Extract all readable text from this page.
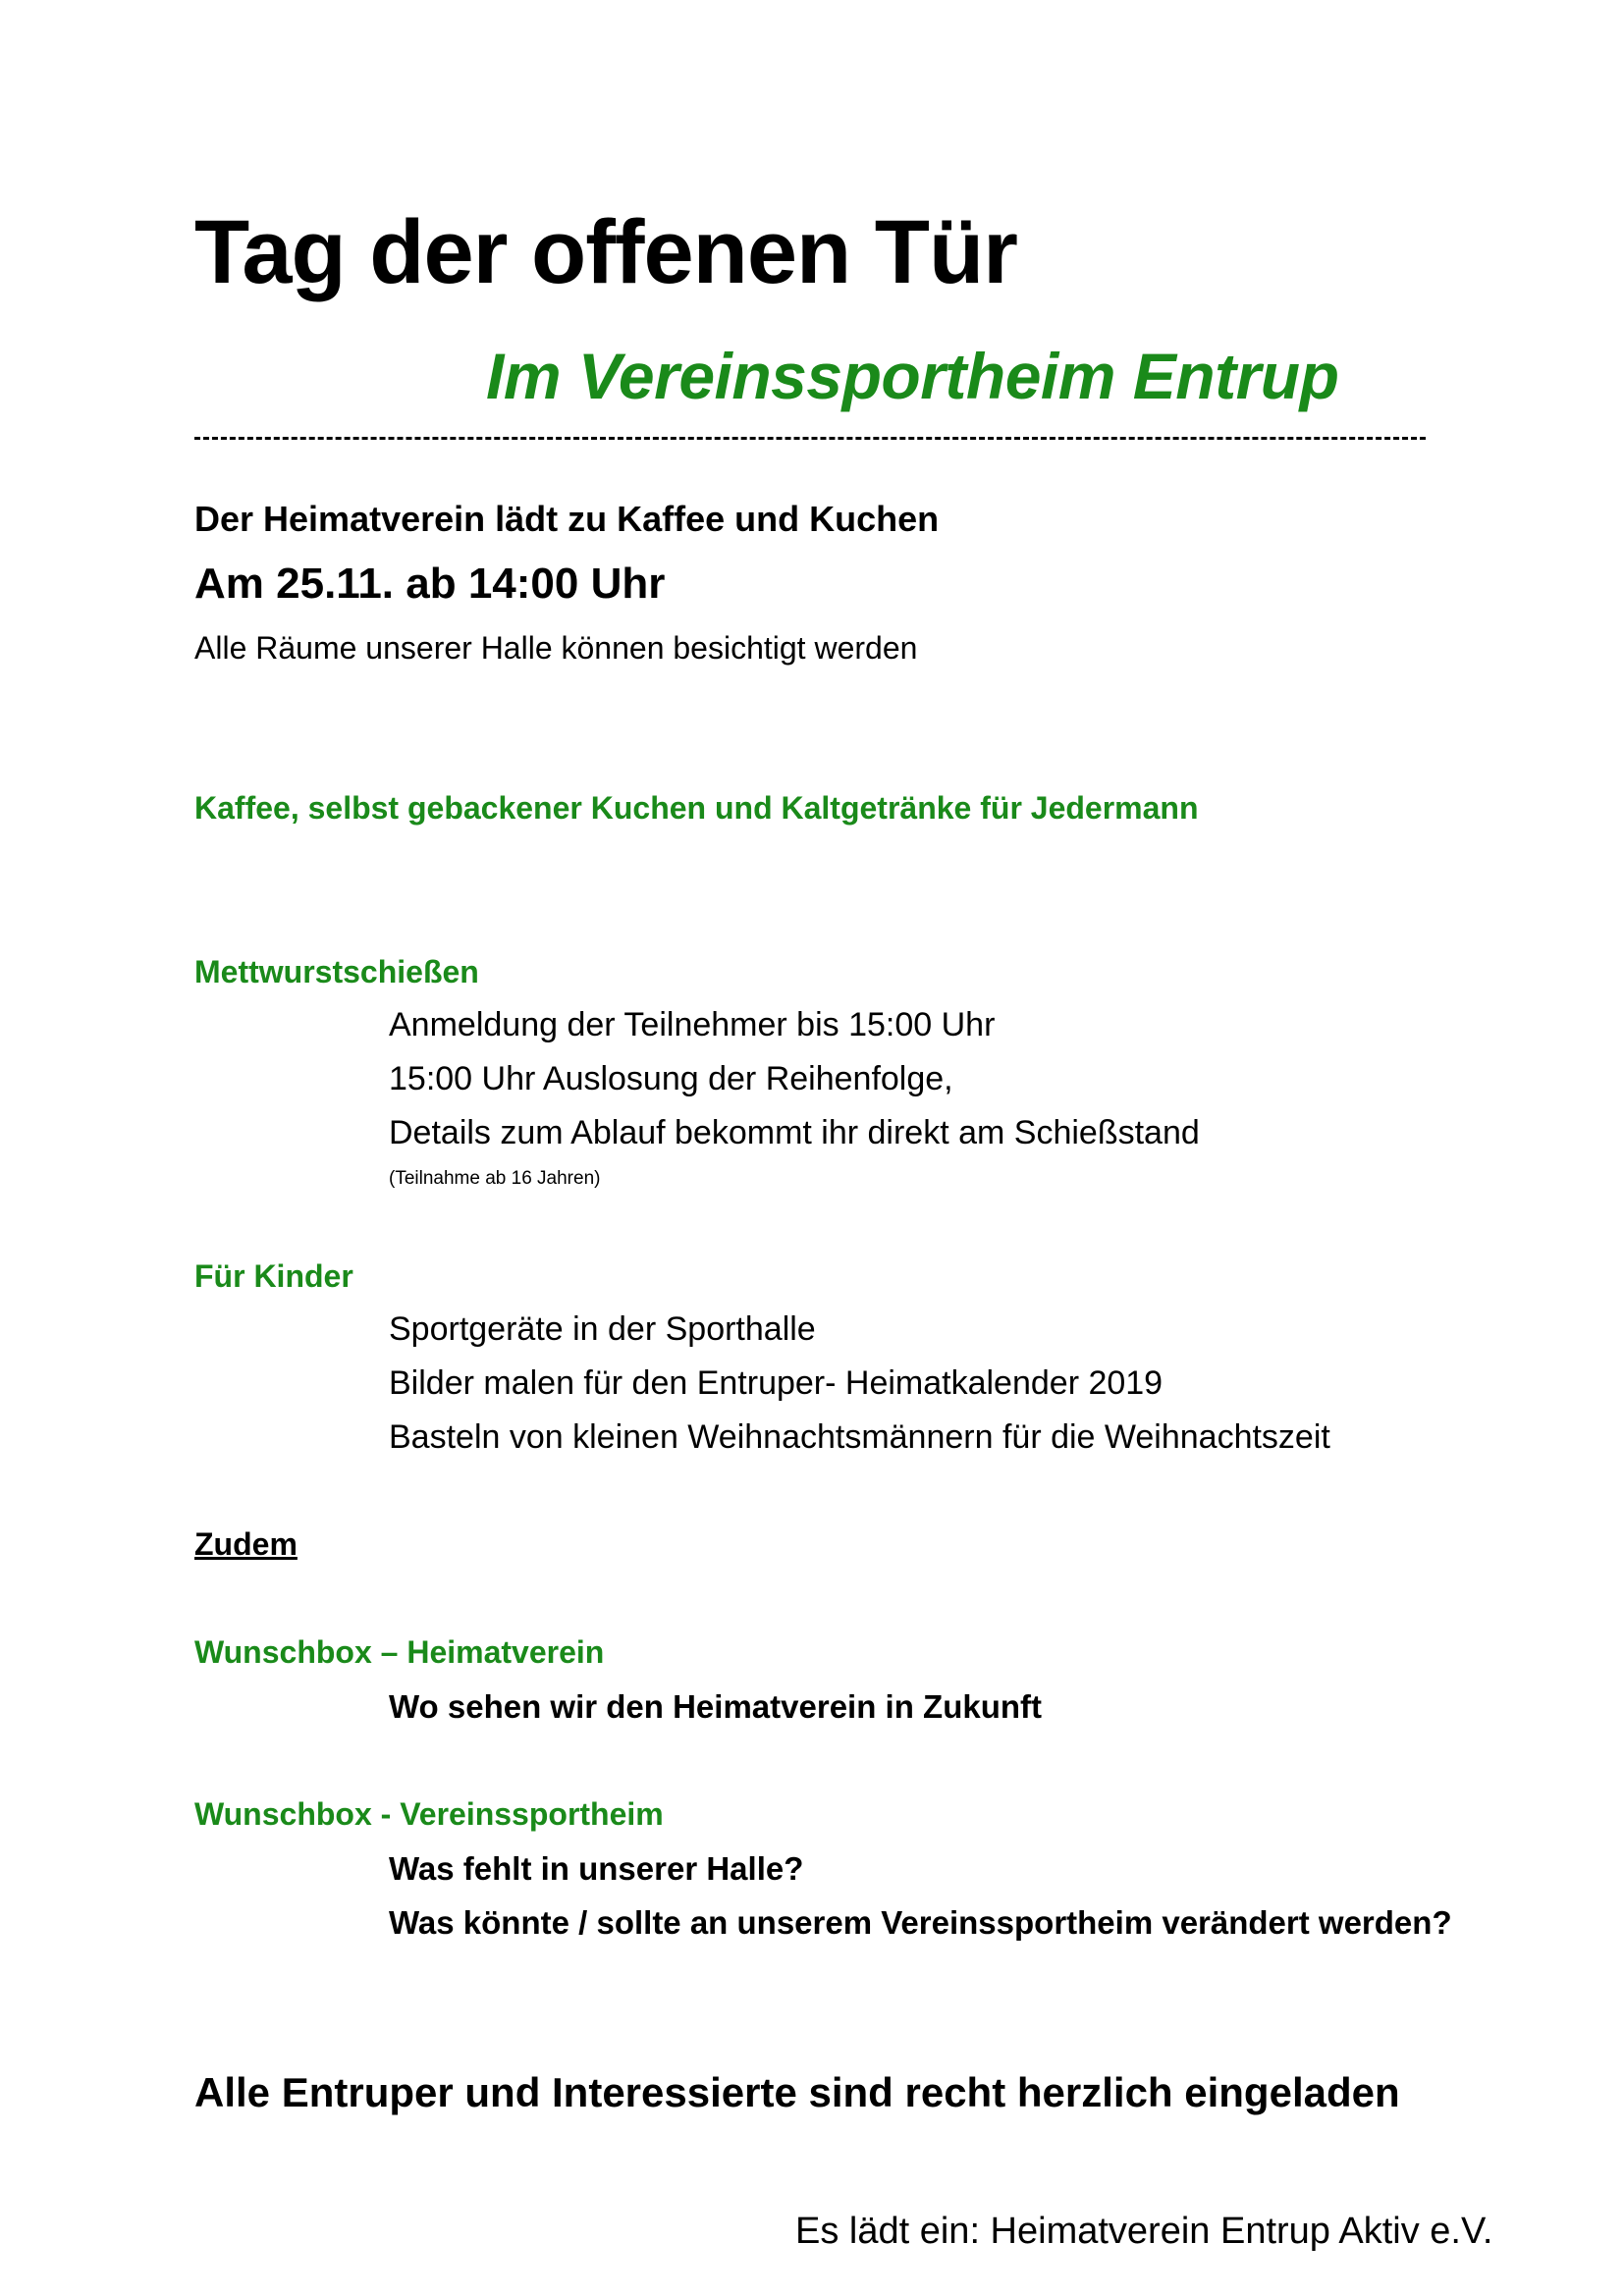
Tag der offenen Tür
Im Vereinssportheim Entrup

Der Heimatverein lädt zu Kaffee und Kuchen

Am 25.11. ab 14:00 Uhr

Alle Räume unserer Halle können besichtigt werden

Kaffee, selbst gebackener Kuchen und Kaltgetränke für Jedermann

Mettwurstschießen

Anmeldung der Teilnehmer bis 15:00 Uhr

15:00 Uhr Auslosung der Reihenfolge,

Details zum Ablauf bekommt ihr direkt am Schießstand

(Teilnahme ab 16 Jahren)

Für Kinder

Sportgeräte in der Sporthalle

Bilder malen für den Entruper- Heimatkalender 2019

Basteln von kleinen Weihnachtsmännern für die Weihnachtszeit

Zudem

Wunschbox – Heimatverein

Wo sehen wir den Heimatverein in Zukunft

Wunschbox - Vereinssportheim

Was fehlt in unserer Halle?

Was könnte / sollte an unserem Vereinssportheim verändert werden?

Alle Entruper und Interessierte sind recht herzlich eingeladen

Es lädt ein: Heimatverein Entrup Aktiv e.V.
